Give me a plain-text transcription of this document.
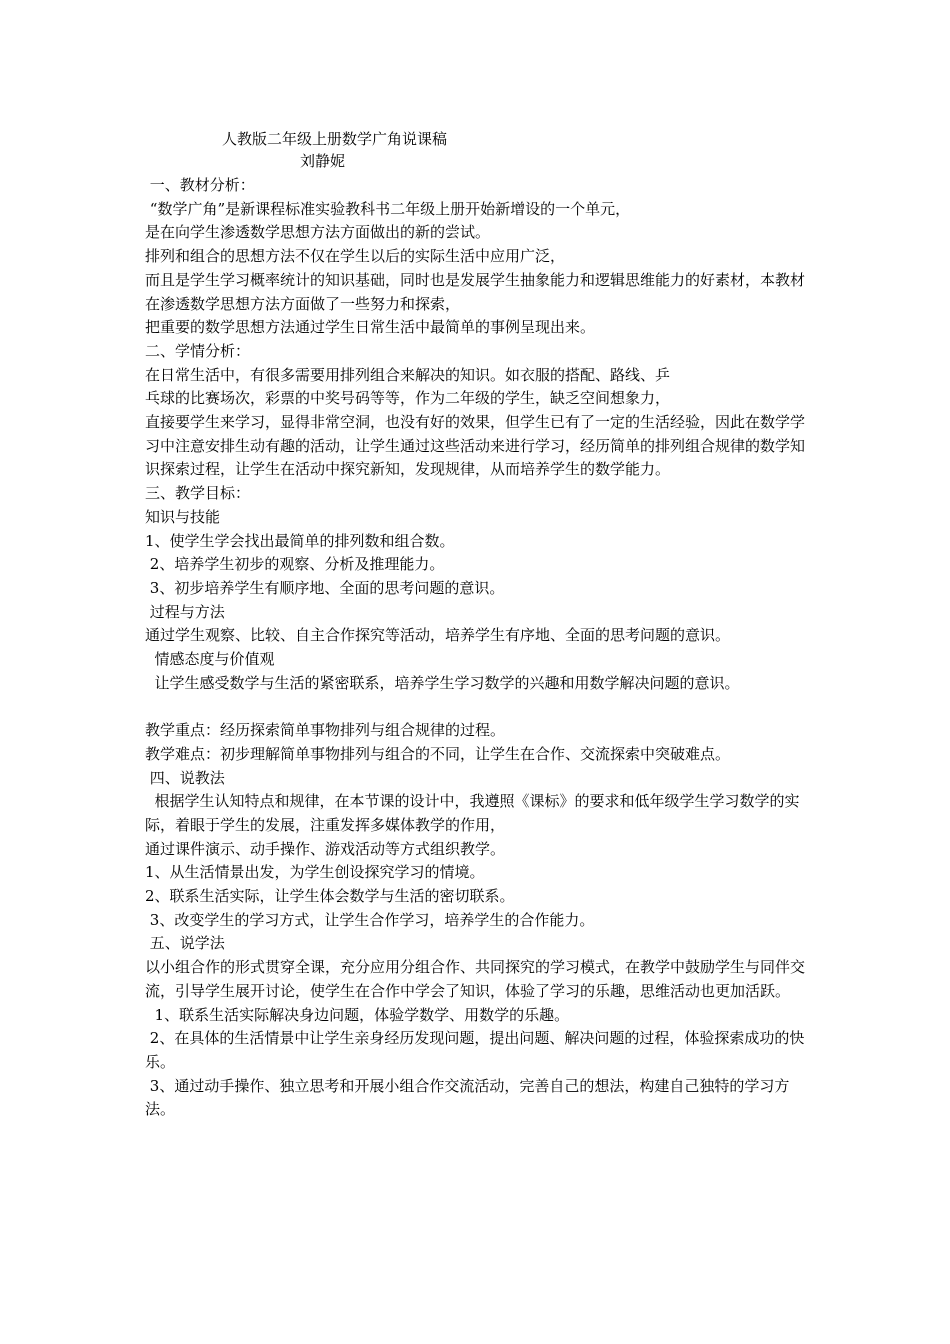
人教版二年级上册数学广角说课稿
刘静妮

一、教材分析：

“数学广角”是新课程标准实验教科书二年级上册开始新增设的一个单元，

是在向学生渗透数学思想方法方面做出的新的尝试。

排列和组合的思想方法不仅在学生以后的实际生活中应用广泛，

而且是学生学习概率统计的知识基础，同时也是发展学生抽象能力和逻辑思维能力的好素材，本教材在渗透数学思想方法方面做了一些努力和探索，

把重要的数学思想方法通过学生日常生活中最简单的事例呈现出来。

二、学情分析：

在日常生活中，有很多需要用排列组合来解决的知识。如衣服的搭配、路线、乒

乓球的比赛场次，彩票的中奖号码等等，作为二年级的学生，缺乏空间想象力，

直接要学生来学习，显得非常空洞，也没有好的效果，但学生已有了一定的生活经验，因此在数学学习中注意安排生动有趣的活动，让学生通过这些活动来进行学习，经历简单的排列组合规律的数学知识探索过程，让学生在活动中探究新知，发现规律，从而培养学生的数学能力。

三、教学目标：

知识与技能

1、使学生学会找出最简单的排列数和组合数。

2、培养学生初步的观察、分析及推理能力。

3、初步培养学生有顺序地、全面的思考问题的意识。

过程与方法

通过学生观察、比较、自主合作探究等活动，培养学生有序地、全面的思考问题的意识。

情感态度与价值观

让学生感受数学与生活的紧密联系，培养学生学习数学的兴趣和用数学解决问题的意识。

教学重点：经历探索简单事物排列与组合规律的过程。

教学难点：初步理解简单事物排列与组合的不同，让学生在合作、交流探索中突破难点。

四、说教法

根据学生认知特点和规律，在本节课的设计中，我遵照《课标》的要求和低年级学生学习数学的实际，着眼于学生的发展，注重发挥多媒体教学的作用，

通过课件演示、动手操作、游戏活动等方式组织教学。

1、从生活情景出发，为学生创设探究学习的情境。

2、联系生活实际，让学生体会数学与生活的密切联系。

3、改变学生的学习方式，让学生合作学习，培养学生的合作能力。

五、说学法

以小组合作的形式贯穿全课，充分应用分组合作、共同探究的学习模式，在教学中鼓励学生与同伴交流，引导学生展开讨论，使学生在合作中学会了知识，体验了学习的乐趣，思维活动也更加活跃。

1、联系生活实际解决身边问题，体验学数学、用数学的乐趣。

2、在具体的生活情景中让学生亲身经历发现问题，提出问题、解决问题的过程，体验探索成功的快乐。

3、通过动手操作、独立思考和开展小组合作交流活动，完善自己的想法，构建自己独特的学习方法。
